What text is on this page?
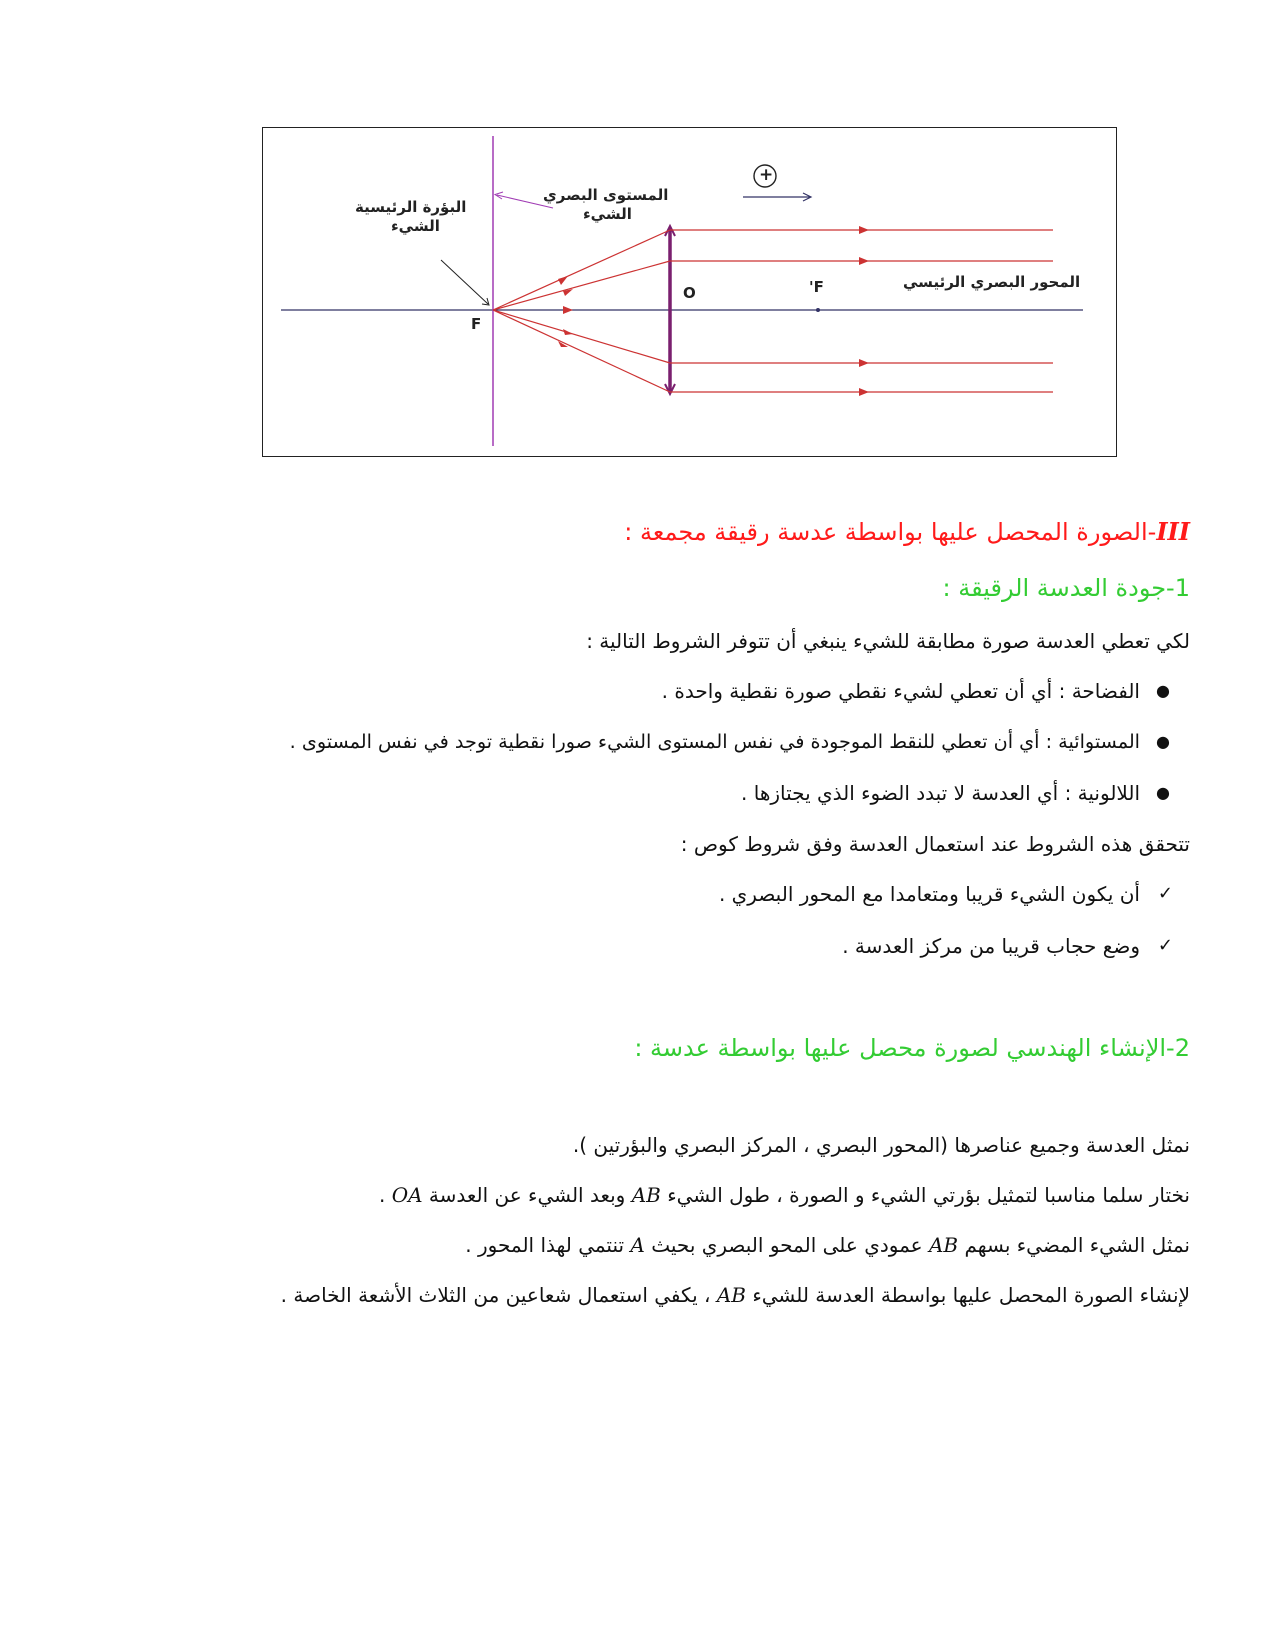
البؤرة الرئيسية
الشيء
المستوى البصري
الشيء
المحور البصري الرئيسي
F
O	F'
+
III-الصورة المحصل عليها بواسطة عدسة رقيقة مجمعة :
1-جودة العدسة الرقيقة :
لكي تعطي العدسة صورة مطابقة للشيء ينبغي أن تتوفر الشروط التالية :
●
الفضاحة : أي أن تعطي لشيء نقطي صورة نقطية واحدة .
●
المستوائية : أي أن تعطي للنقط الموجودة في نفس المستوى الشيء صورا نقطية توجد في نفس المستوى .
●
اللالونية : أي العدسة لا تبدد الضوء الذي يجتازها .
تتحقق هذه الشروط عند استعمال العدسة وفق شروط كوص :
✓
أن يكون الشيء قريبا ومتعامدا مع المحور البصري .
✓
وضع حجاب قريبا من مركز العدسة .
2-الإنشاء الهندسي لصورة محصل عليها بواسطة عدسة :
نمثل العدسة وجميع عناصرها (المحور البصري ، المركز البصري والبؤرتين ).
نختار سلما مناسبا لتمثيل بؤرتي الشيء و الصورة ، طول الشيء AB وبعد الشيء عن العدسة OA .
نمثل الشيء المضيء بسهم AB عمودي على المحو البصري بحيث A تنتمي لهذا المحور .
لإنشاء الصورة المحصل عليها بواسطة العدسة للشيء AB ، يكفي استعمال شعاعين من الثلاث الأشعة الخاصة .
